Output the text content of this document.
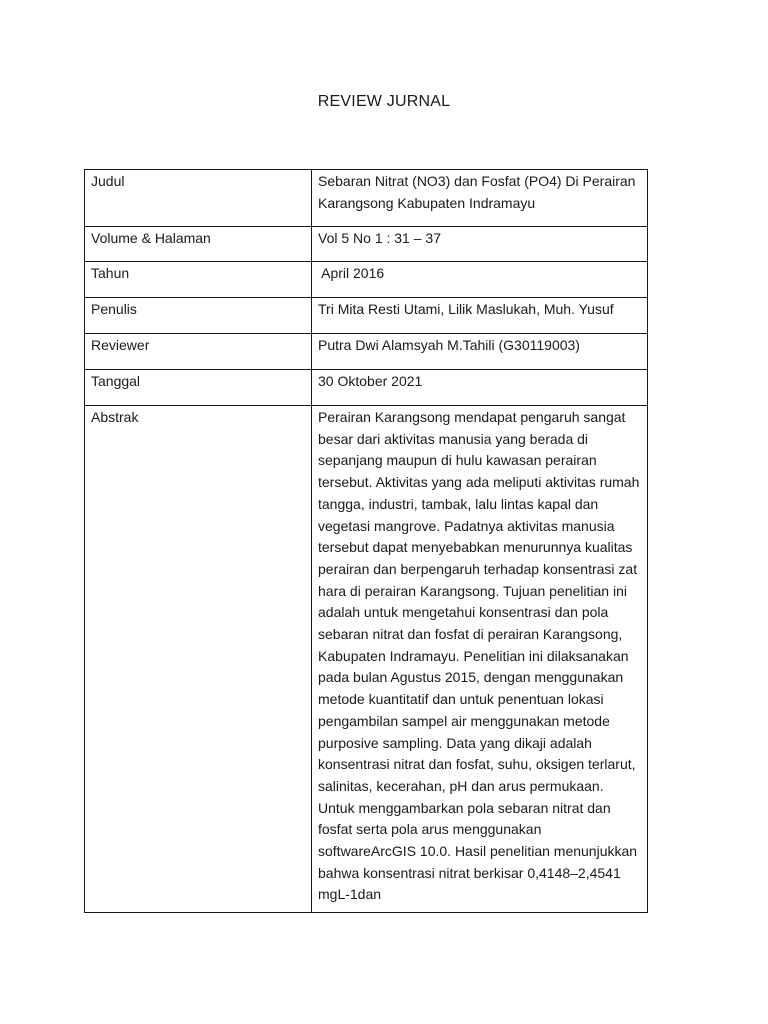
REVIEW JURNAL
Judul	Sebaran Nitrat (NO3) dan Fosfat (PO4) Di Perairan Karangsong Kabupaten Indramayu
Volume & Halaman	Vol 5 No 1 : 31 – 37
Tahun	April 2016
Penulis	Tri Mita Resti Utami, Lilik Maslukah, Muh. Yusuf
Reviewer	Putra Dwi Alamsyah M.Tahili (G30119003)
Tanggal	30 Oktober 2021
Abstrak	Perairan Karangsong mendapat pengaruh sangat besar dari aktivitas manusia yang berada di sepanjang maupun di hulu kawasan perairan tersebut. Aktivitas yang ada meliputi aktivitas rumah tangga, industri, tambak, lalu lintas kapal dan vegetasi mangrove. Padatnya aktivitas manusia tersebut dapat menyebabkan menurunnya kualitas perairan dan berpengaruh terhadap konsentrasi zat hara di perairan Karangsong. Tujuan penelitian ini adalah untuk mengetahui konsentrasi dan pola sebaran nitrat dan fosfat di perairan Karangsong, Kabupaten Indramayu. Penelitian ini dilaksanakan pada bulan Agustus 2015, dengan menggunakan metode kuantitatif dan untuk penentuan lokasi pengambilan sampel air menggunakan metode purposive sampling. Data yang dikaji adalah konsentrasi nitrat dan fosfat, suhu, oksigen terlarut, salinitas, kecerahan, pH dan arus permukaan. Untuk menggambarkan pola sebaran nitrat dan fosfat serta pola arus menggunakan softwareArcGIS 10.0. Hasil penelitian menunjukkan bahwa konsentrasi nitrat berkisar 0,4148–2,4541 mgL-1dan
